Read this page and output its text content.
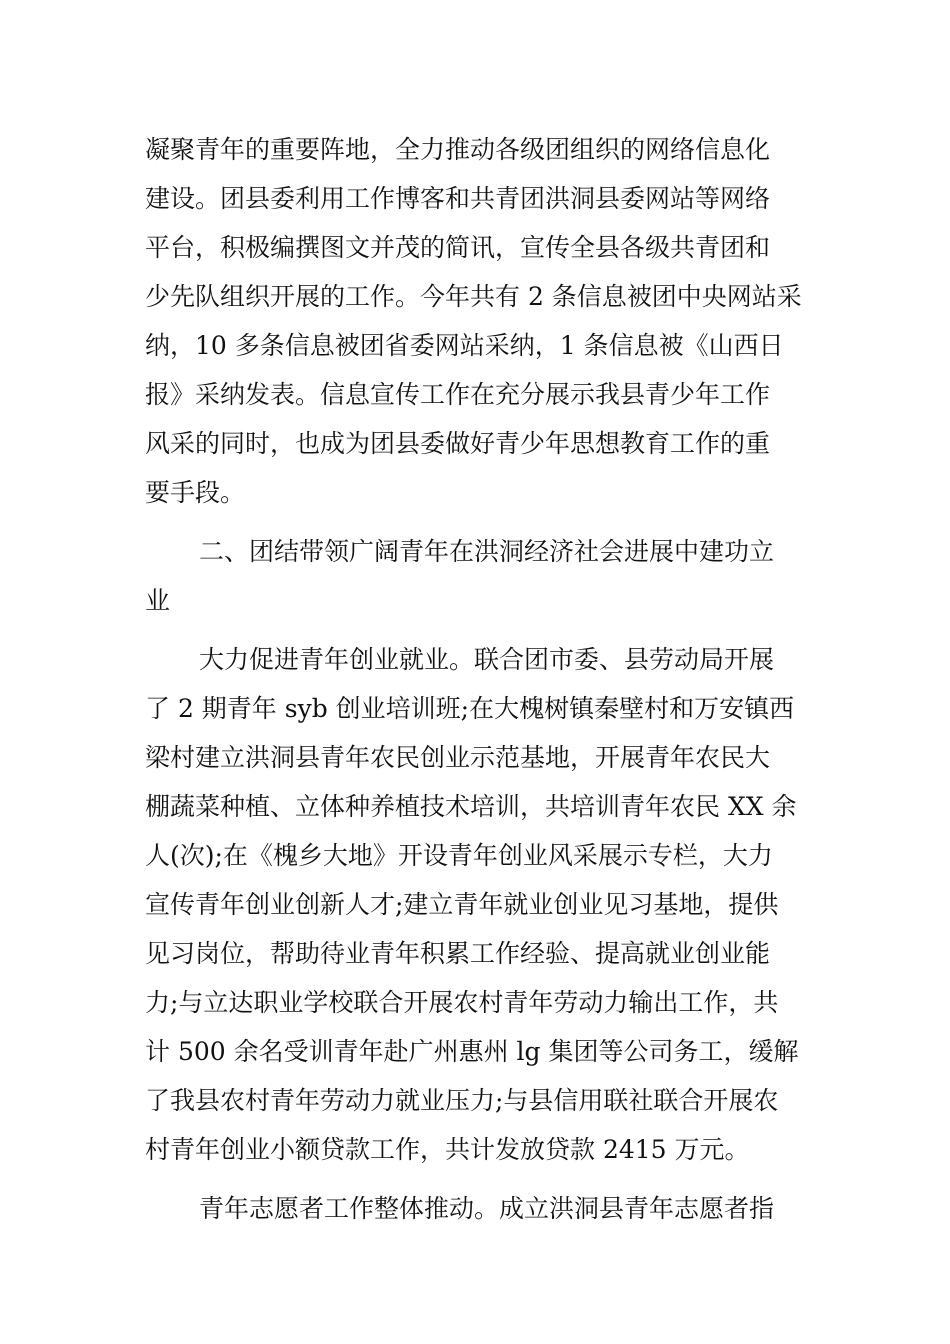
凝聚青年的重要阵地，全力推动各级团组织的网络信息化
建设。团县委利用工作博客和共青团洪洞县委网站等网络
平台，积极编撰图文并茂的简讯，宣传全县各级共青团和
少先队组织开展的工作。今年共有 2 条信息被团中央网站采
纳，10 多条信息被团省委网站采纳，1 条信息被《山西日
报》采纳发表。信息宣传工作在充分展示我县青少年工作
风采的同时，也成为团县委做好青少年思想教育工作的重
要手段。
二、团结带领广阔青年在洪洞经济社会进展中建功立
业
大力促进青年创业就业。联合团市委、县劳动局开展
了 2 期青年 syb 创业培训班;在大槐树镇秦壁村和万安镇西
梁村建立洪洞县青年农民创业示范基地，开展青年农民大
棚蔬菜种植、立体种养植技术培训，共培训青年农民 XX 余
人(次);在《槐乡大地》开设青年创业风采展示专栏，大力
宣传青年创业创新人才;建立青年就业创业见习基地，提供
见习岗位，帮助待业青年积累工作经验、提高就业创业能
力;与立达职业学校联合开展农村青年劳动力输出工作，共
计 500 余名受训青年赴广州惠州 lg 集团等公司务工，缓解
了我县农村青年劳动力就业压力;与县信用联社联合开展农
村青年创业小额贷款工作，共计发放贷款 2415 万元。
青年志愿者工作整体推动。成立洪洞县青年志愿者指
